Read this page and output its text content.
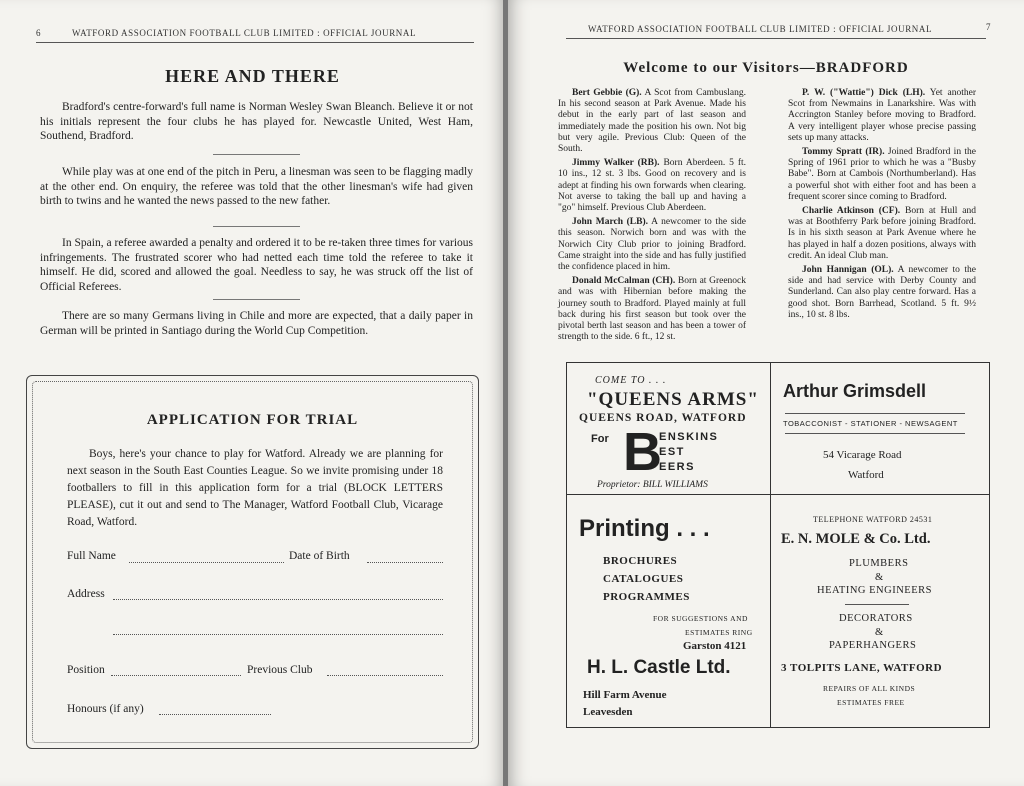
6	WATFORD ASSOCIATION FOOTBALL CLUB LIMITED : OFFICIAL JOURNAL
HERE AND THERE

Bradford's centre-forward's full name is Norman Wesley Swan Bleanch. Believe it or not his initials represent the four clubs he has played for. Newcastle United, West Ham, Southend, Bradford.

While play was at one end of the pitch in Peru, a linesman was seen to be flagging madly at the other end. On enquiry, the referee was told that the other linesman's wife had given birth to twins and he wanted the news passed to the new father.

In Spain, a referee awarded a penalty and ordered it to be re-taken three times for various infringements. The frustrated scorer who had netted each time told the referee to take it himself. He did, scored and allowed the goal. Needless to say, he was struck off the list of Official Referees.

There are so many Germans living in Chile and more are expected, that a daily paper in German will be printed in Santiago during the World Cup Competition.

APPLICATION FOR TRIAL

Boys, here's your chance to play for Watford. Already we are planning for next season in the South East Counties League. So we invite promising under 18 footballers to fill in this application form for a trial (BLOCK LETTERS PLEASE), cut it out and send to The Manager, Watford Football Club, Vicarage Road, Watford.

Full Name	Date of Birth
Address
Position	Previous Club
Honours (if any)
WATFORD ASSOCIATION FOOTBALL CLUB LIMITED : OFFICIAL JOURNAL	7
Welcome to our Visitors—BRADFORD

Bert Gebbie (G). A Scot from Cambuslang. In his second season at Park Avenue. Made his debut in the early part of last season and immediately made the position his own. Not big but very agile. Previous Club: Queen of the South.

Jimmy Walker (RB). Born Aberdeen. 5 ft. 10 ins., 12 st. 3 lbs. Good on recovery and is adept at finding his own forwards when clearing. Not averse to taking the ball up and having a "go" himself. Previous Club Aberdeen.

John March (LB). A newcomer to the side this season. Norwich born and was with the Norwich City Club prior to joining Bradford. Came straight into the side and has fully justified the confidence placed in him.

Donald McCalman (CH). Born at Greenock and was with Hibernian before making the journey south to Bradford. Played mainly at full back during his first season but took over the pivotal berth last season and has been a tower of strength to the side. 6 ft., 12 st.

P. W. ("Wattie") Dick (LH). Yet another Scot from Newmains in Lanarkshire. Was with Accrington Stanley before moving to Bradford. A very intelligent player whose precise passing sets up many attacks.

Tommy Spratt (IR). Joined Bradford in the Spring of 1961 prior to which he was a "Busby Babe". Born at Cambois (Northumberland). Has a powerful shot with either foot and has been a frequent scorer since coming to Bradford.

Charlie Atkinson (CF). Born at Hull and was at Boothferry Park before joining Bradford. Is in his sixth season at Park Avenue where he has played in half a dozen positions, always with credit. An ideal Club man.

John Hannigan (OL). A newcomer to the side and had service with Derby County and Sunderland. Can also play centre forward. Has a good shot. Born Barrhead, Scotland. 5 ft. 9½ ins., 10 st. 8 lbs.

COME TO . . .
"QUEENS ARMS"
QUEENS ROAD, WATFORD
For B
ENSKINS
EST
EERS
Proprietor: BILL WILLIAMS
Arthur Grimsdell
TOBACCONIST - STATIONER - NEWSAGENT
54 Vicarage Road
Watford
Printing . . .
BROCHURES
CATALOGUES
PROGRAMMES
FOR SUGGESTIONS AND
ESTIMATES RING
Garston 4121
H. L. Castle Ltd.
Hill Farm Avenue
Leavesden
TELEPHONE WATFORD 24531
E. N. MOLE & Co. Ltd.
PLUMBERS
&
HEATING ENGINEERS
DECORATORS
&
PAPERHANGERS
3 TOLPITS LANE, WATFORD
REPAIRS OF ALL KINDS
ESTIMATES FREE
